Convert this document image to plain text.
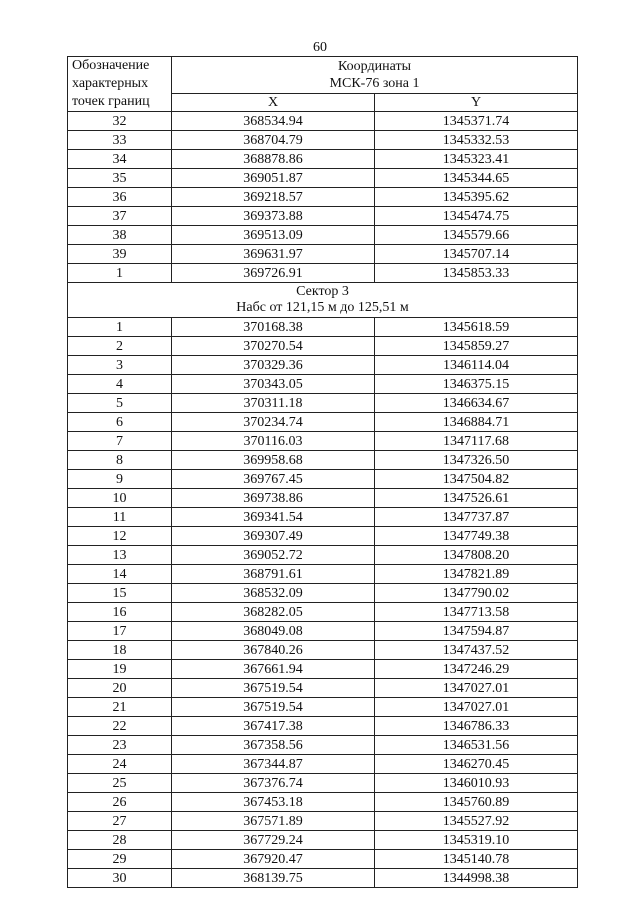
60
Обозначение
характерных
точек границ	Координаты
МСК-76 зона 1	
	X	Y
32	368534.94	1345371.74
33	368704.79	1345332.53
34	368878.86	1345323.41
35	369051.87	1345344.65
36	369218.57	1345395.62
37	369373.88	1345474.75
38	369513.09	1345579.66
39	369631.97	1345707.14
1	369726.91	1345853.33
Сектор 3
Набс от 121,15 м до 125,51 м		
1	370168.38	1345618.59
2	370270.54	1345859.27
3	370329.36	1346114.04
4	370343.05	1346375.15
5	370311.18	1346634.67
6	370234.74	1346884.71
7	370116.03	1347117.68
8	369958.68	1347326.50
9	369767.45	1347504.82
10	369738.86	1347526.61
11	369341.54	1347737.87
12	369307.49	1347749.38
13	369052.72	1347808.20
14	368791.61	1347821.89
15	368532.09	1347790.02
16	368282.05	1347713.58
17	368049.08	1347594.87
18	367840.26	1347437.52
19	367661.94	1347246.29
20	367519.54	1347027.01
21	367519.54	1347027.01
22	367417.38	1346786.33
23	367358.56	1346531.56
24	367344.87	1346270.45
25	367376.74	1346010.93
26	367453.18	1345760.89
27	367571.89	1345527.92
28	367729.24	1345319.10
29	367920.47	1345140.78
30	368139.75	1344998.38
